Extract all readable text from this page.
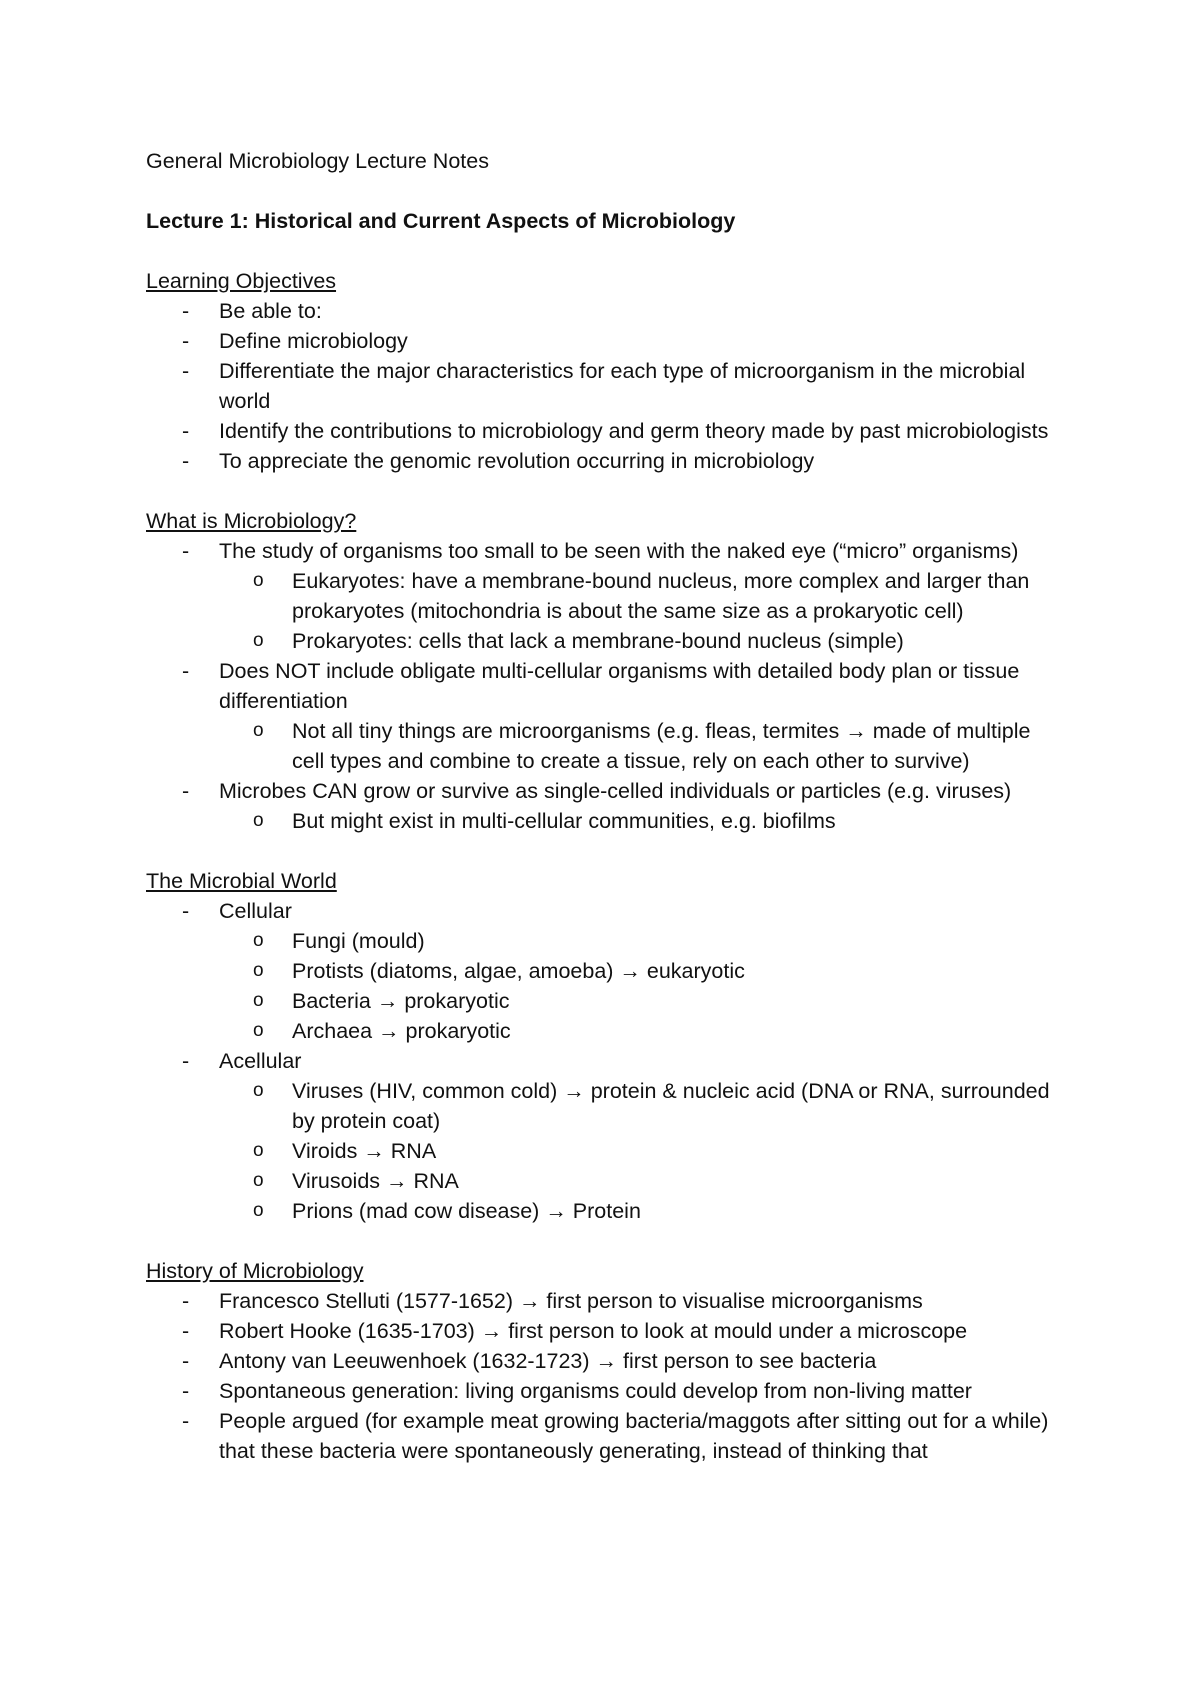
General Microbiology Lecture Notes

Lecture 1: Historical and Current Aspects of Microbiology

Learning Objectives

- Be able to:
- Define microbiology
- Differentiate the major characteristics for each type of microorganism in the microbial world
- Identify the contributions to microbiology and germ theory made by past microbiologists
- To appreciate the genomic revolution occurring in microbiology

What is Microbiology?

- The study of organisms too small to be seen with the naked eye (“micro” organisms)
o Eukaryotes: have a membrane-bound nucleus, more complex and larger than prokaryotes (mitochondria is about the same size as a prokaryotic cell)
o Prokaryotes: cells that lack a membrane-bound nucleus (simple)
- Does NOT include obligate multi-cellular organisms with detailed body plan or tissue differentiation
o Not all tiny things are microorganisms (e.g. fleas, termites → made of multiple cell types and combine to create a tissue, rely on each other to survive)
- Microbes CAN grow or survive as single-celled individuals or particles (e.g. viruses)
o But might exist in multi-cellular communities, e.g. biofilms

The Microbial World

- Cellular
o Fungi (mould)
o Protists (diatoms, algae, amoeba) → eukaryotic
o Bacteria → prokaryotic
o Archaea → prokaryotic
- Acellular
o Viruses (HIV, common cold) → protein & nucleic acid (DNA or RNA, surrounded by protein coat)
o Viroids → RNA
o Virusoids → RNA
o Prions (mad cow disease) → Protein

History of Microbiology

- Francesco Stelluti (1577-1652) → first person to visualise microorganisms
- Robert Hooke (1635-1703) → first person to look at mould under a microscope
- Antony van Leeuwenhoek (1632-1723) → first person to see bacteria
- Spontaneous generation: living organisms could develop from non-living matter
- People argued (for example meat growing bacteria/maggots after sitting out for a while) that these bacteria were spontaneously generating, instead of thinking that
